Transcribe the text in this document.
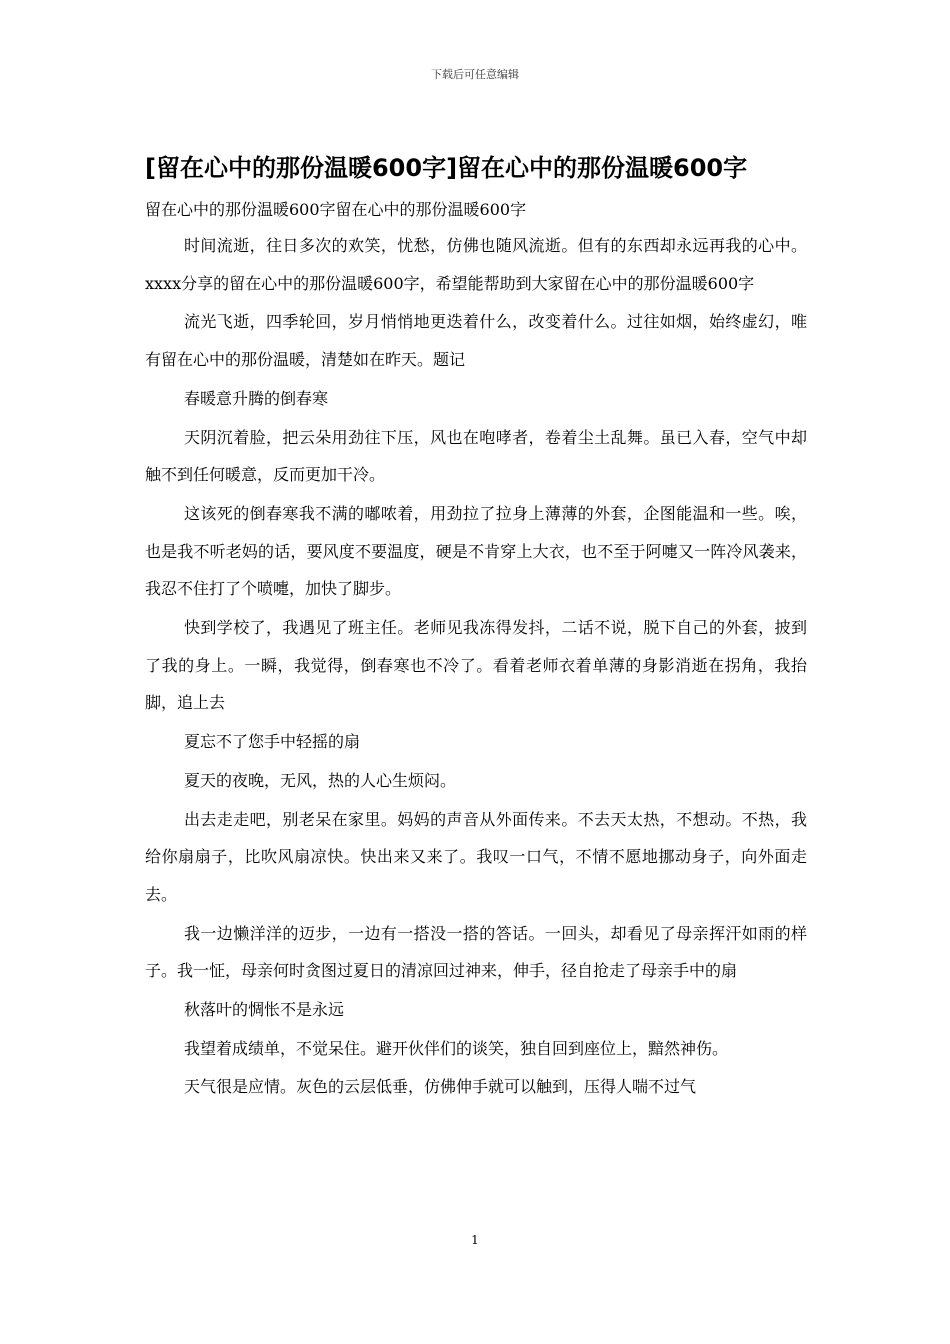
下载后可任意编辑
[留在心中的那份温暖600字]留在心中的那份温暖600字

留在心中的那份温暖600字留在心中的那份温暖600字

时间流逝，往日多次的欢笑，忧愁，仿佛也随风流逝。但有的东西却永远再我的心中。xxxx分享的留在心中的那份温暖600字，希望能帮助到大家留在心中的那份温暖600字

流光飞逝，四季轮回，岁月悄悄地更迭着什么，改变着什么。过往如烟，始终虚幻，唯有留在心中的那份温暖，清楚如在昨天。题记

春暖意升腾的倒春寒

天阴沉着脸，把云朵用劲往下压，风也在咆哮者，卷着尘土乱舞。虽已入春，空气中却触不到任何暖意，反而更加干冷。

这该死的倒春寒我不满的嘟哝着，用劲拉了拉身上薄薄的外套，企图能温和一些。唉，也是我不听老妈的话，要风度不要温度，硬是不肯穿上大衣，也不至于阿嚏又一阵冷风袭来，我忍不住打了个喷嚏，加快了脚步。

快到学校了，我遇见了班主任。老师见我冻得发抖，二话不说，脱下自己的外套，披到了我的身上。一瞬，我觉得，倒春寒也不冷了。看着老师衣着单薄的身影消逝在拐角，我抬脚，追上去

夏忘不了您手中轻摇的扇

夏天的夜晚，无风，热的人心生烦闷。

出去走走吧，别老呆在家里。妈妈的声音从外面传来。不去天太热，不想动。不热，我给你扇扇子，比吹风扇凉快。快出来又来了。我叹一口气，不情不愿地挪动身子，向外面走去。

我一边懒洋洋的迈步，一边有一搭没一搭的答话。一回头，却看见了母亲挥汗如雨的样子。我一怔，母亲何时贪图过夏日的清凉回过神来，伸手，径自抢走了母亲手中的扇

秋落叶的惆怅不是永远

我望着成绩单，不觉呆住。避开伙伴们的谈笑，独自回到座位上，黯然神伤。

天气很是应情。灰色的云层低垂，仿佛伸手就可以触到，压得人喘不过气

1
